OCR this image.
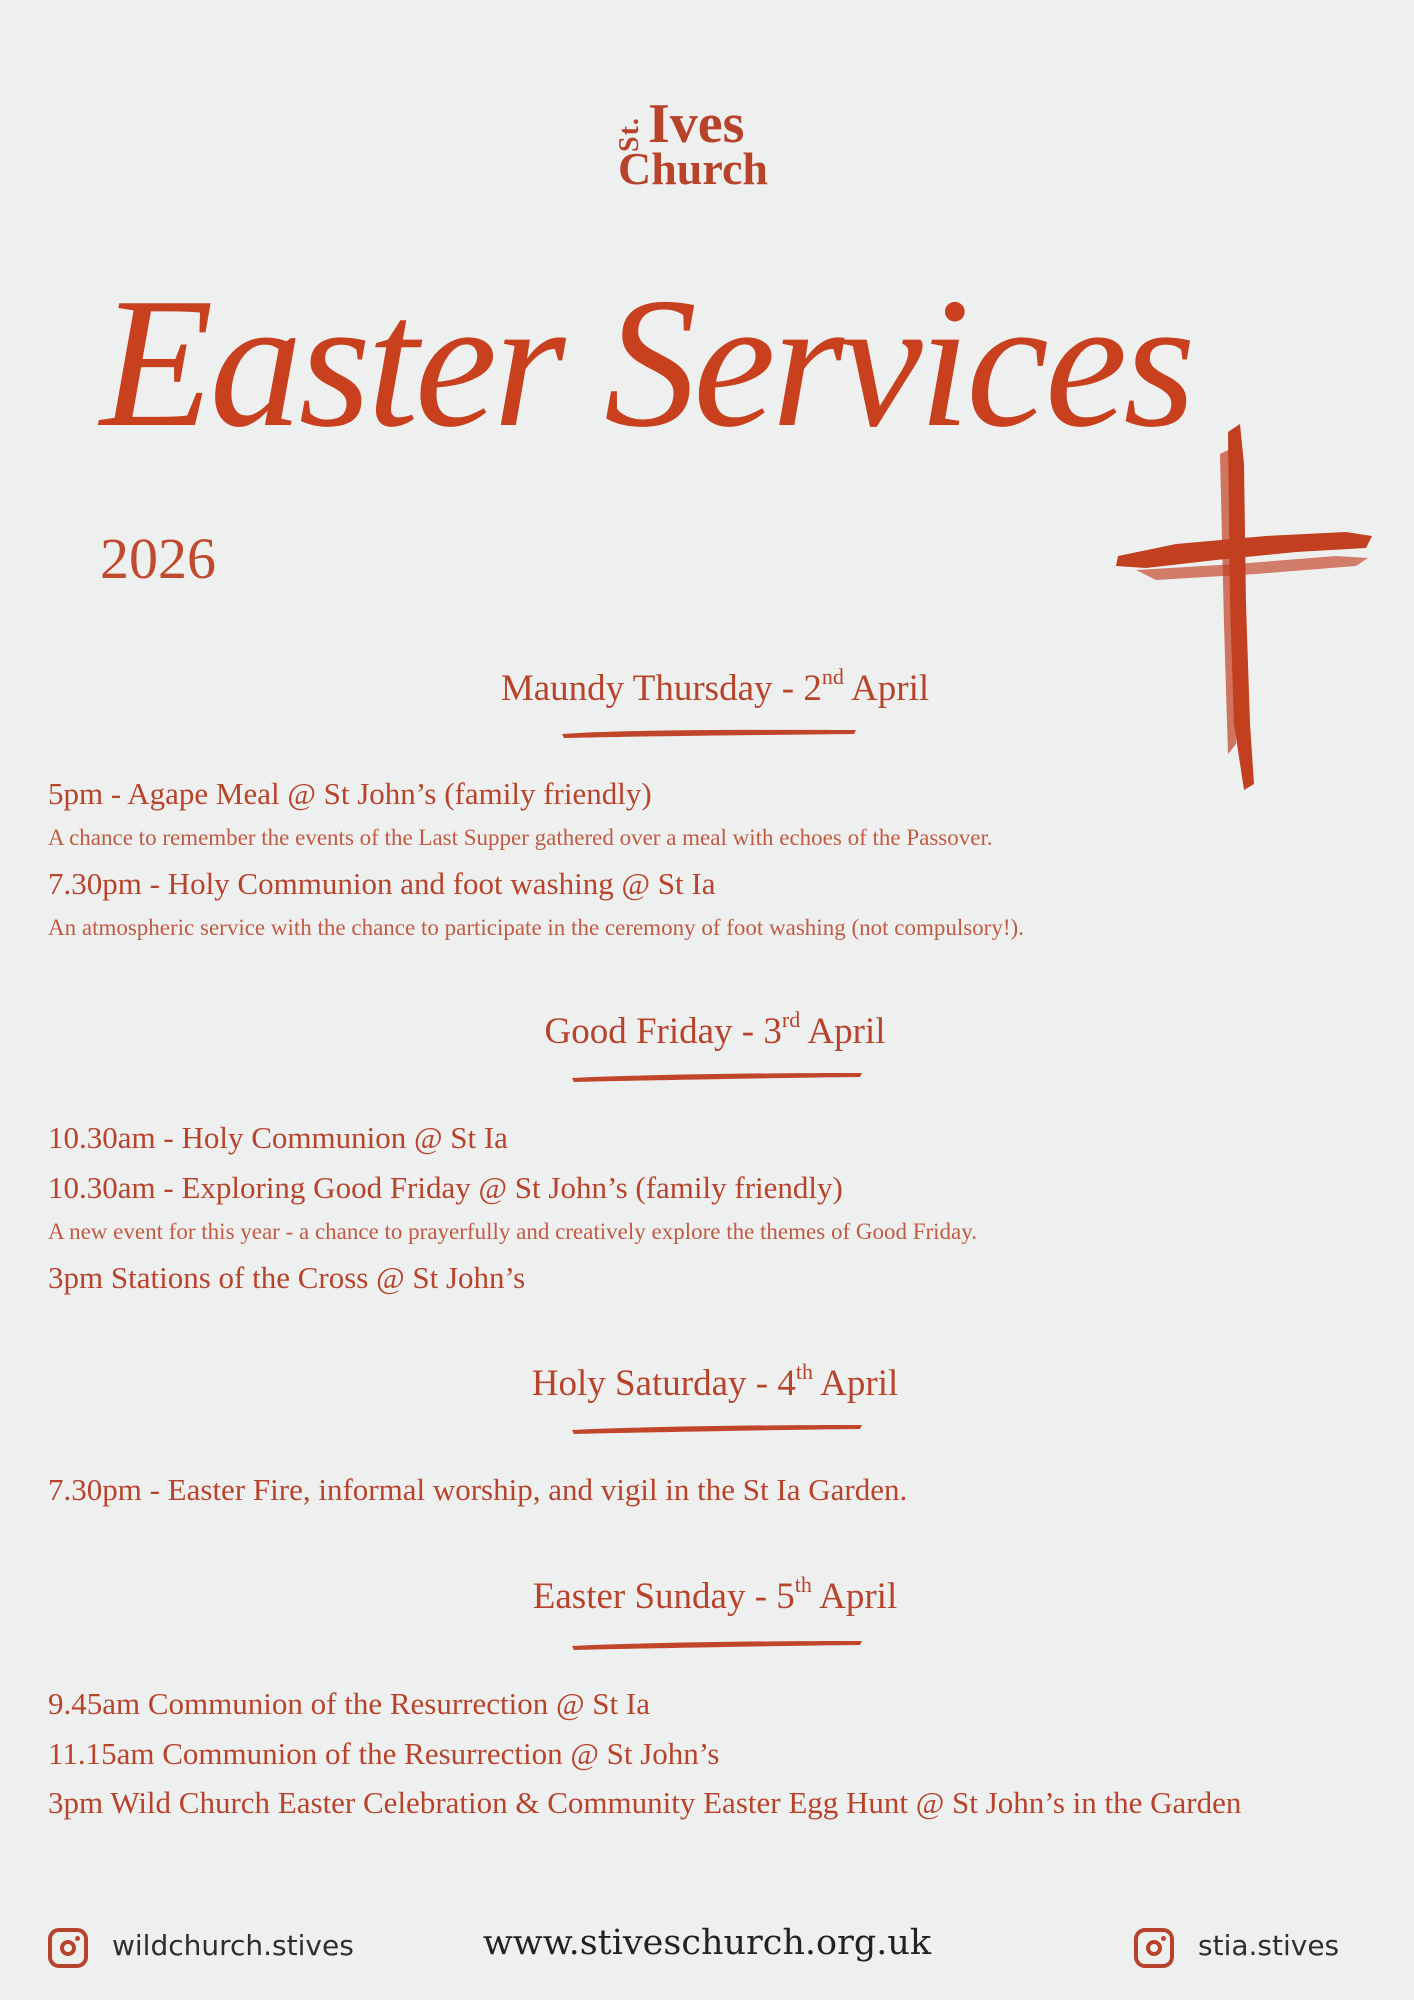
St. Ives
Church
Easter Services
2026
Maundy Thursday - 2nd April
5pm - Agape Meal @ St John’s (family friendly)
A chance to remember the events of the Last Supper gathered over a meal with echoes of the Passover.
7.30pm - Holy Communion and foot washing @ St Ia
An atmospheric service with the chance to participate in the ceremony of foot washing (not compulsory!).
Good Friday - 3rd April
10.30am - Holy Communion @ St Ia
10.30am - Exploring Good Friday @ St John’s (family friendly)
A new event for this year - a chance to prayerfully and creatively explore the themes of Good Friday.
3pm Stations of the Cross @ St John’s
Holy Saturday - 4th April
7.30pm - Easter Fire, informal worship, and vigil in the St Ia Garden.
Easter Sunday - 5th April
9.45am Communion of the Resurrection @ St Ia
11.15am Communion of the Resurrection @ St John’s
3pm Wild Church Easter Celebration & Community Easter Egg Hunt @ St John’s in the Garden
wildchurch.stives	www.stiveschurch.org.uk	stia.stives
